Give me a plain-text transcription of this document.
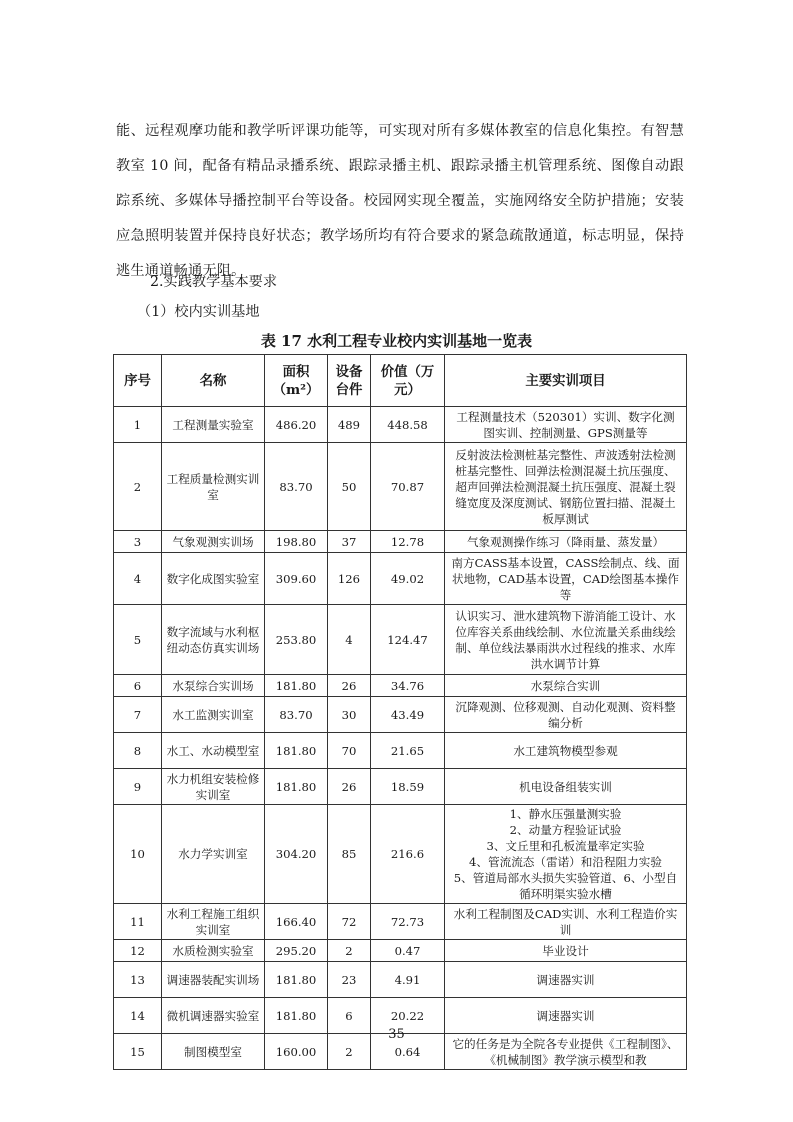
能、远程观摩功能和教学听评课功能等，可实现对所有多媒体教室的信息化集控。有智慧教室 10 间，配备有精品录播系统、跟踪录播主机、跟踪录播主机管理系统、图像自动跟踪系统、多媒体导播控制平台等设备。校园网实现全覆盖，实施网络安全防护措施；安装应急照明装置并保持良好状态；教学场所均有符合要求的紧急疏散通道，标志明显，保持逃生通道畅通无阻。
2.实践教学基本要求
（1）校内实训基地
表 17 水利工程专业校内实训基地一览表
序号	名称	面积（m²）	设备台件	价值（万元）	主要实训项目
1	工程测量实验室	486.20	489	448.58	工程测量技术（520301）实训、数字化测图实训、控制测量、GPS测量等
2	工程质量检测实训室	83.70	50	70.87	反射波法检测桩基完整性、声波透射法检测桩基完整性、回弹法检测混凝土抗压强度、超声回弹法检测混凝土抗压强度、混凝土裂缝宽度及深度测试、钢筋位置扫描、混凝土板厚测试
3	气象观测实训场	198.80	37	12.78	气象观测操作练习（降雨量、蒸发量）
4	数字化成图实验室	309.60	126	49.02	南方CASS基本设置，CASS绘制点、线、面状地物，CAD基本设置，CAD绘图基本操作等
5	数字流域与水利枢纽动态仿真实训场	253.80	4	124.47	认识实习、泄水建筑物下游消能工设计、水位库容关系曲线绘制、水位流量关系曲线绘制、单位线法暴雨洪水过程线的推求、水库洪水调节计算
6	水泵综合实训场	181.80	26	34.76	水泵综合实训
7	水工监测实训室	83.70	30	43.49	沉降观测、位移观测、自动化观测、资料整编分析
8	水工、水动模型室	181.80	70	21.65	水工建筑物模型参观
9	水力机组安装检修实训室	181.80	26	18.59	机电设备组装实训
10	水力学实训室	304.20	85	216.6	1、静水压强量测实验
2、动量方程验证试验
3、文丘里和孔板流量率定实验
4、管流流态（雷诺）和沿程阻力实验
5、管道局部水头损失实验管道、6、小型自循环明渠实验水槽
11	水利工程施工组织实训室	166.40	72	72.73	水利工程制图及CAD实训、水利工程造价实训
12	水质检测实验室	295.20	2	0.47	毕业设计
13	调速器装配实训场	181.80	23	4.91	调速器实训
14	微机调速器实验室	181.80	6	20.22	调速器实训
15	制图模型室	160.00	2	0.64	它的任务是为全院各专业提供《工程制图》、《机械制图》教学演示模型和教
35
